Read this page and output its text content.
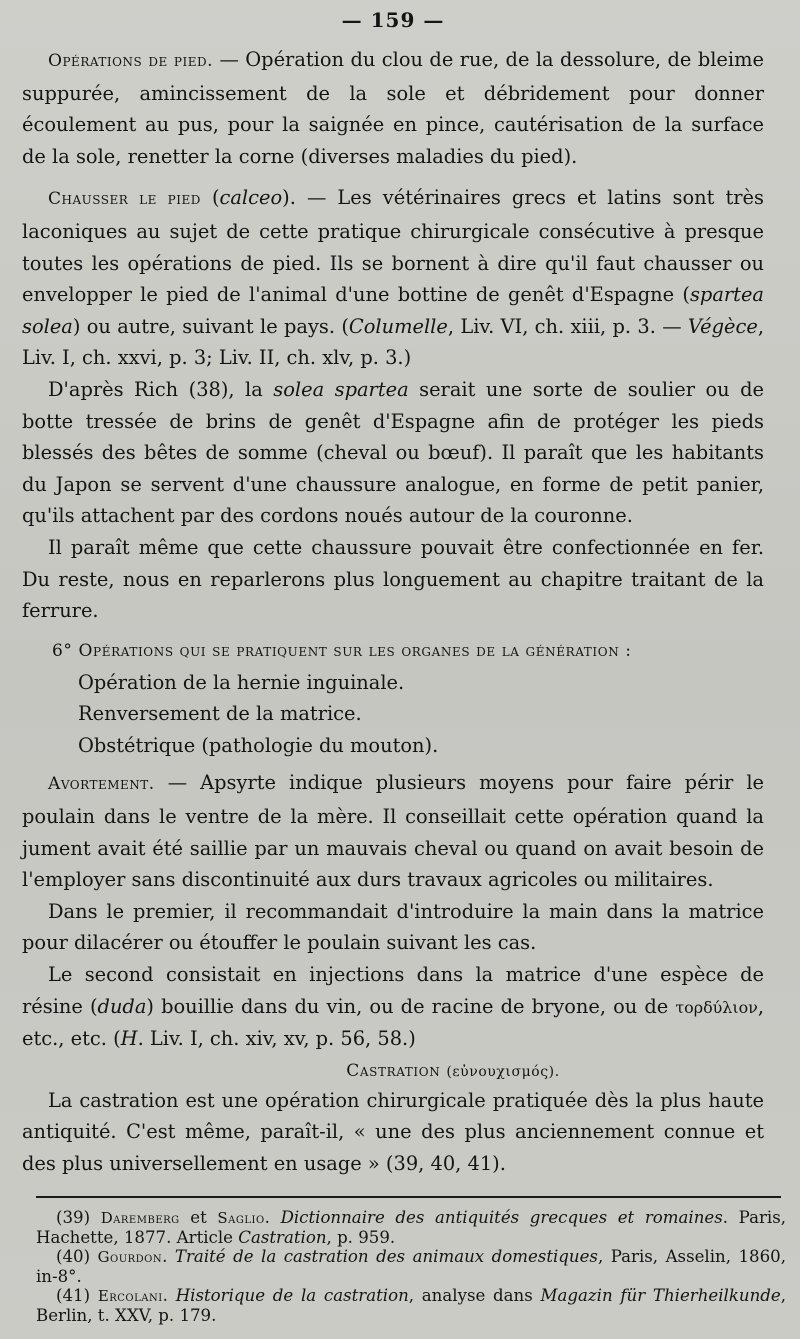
— 159 —

Opérations de pied. — Opération du clou de rue, de la dessolure, de bleime suppurée, amincissement de la sole et débridement pour donner écoulement au pus, pour la saignée en pince, cautérisation de la surface de la sole, renetter la corne (diverses maladies du pied).

Chausser le pied (calceo). — Les vétérinaires grecs et latins sont très laconiques au sujet de cette pratique chirurgicale consécutive à presque toutes les opérations de pied. Ils se bornent à dire qu'il faut chausser ou envelopper le pied de l'animal d'une bottine de genêt d'Espagne (spartea solea) ou autre, suivant le pays. (Columelle, Liv. VI, ch. xiii, p. 3. — Végèce, Liv. I, ch. xxvi, p. 3; Liv. II, ch. xlv, p. 3.)

D'après Rich (38), la solea spartea serait une sorte de soulier ou de botte tressée de brins de genêt d'Espagne afin de protéger les pieds blessés des bêtes de somme (cheval ou bœuf). Il paraît que les habitants du Japon se servent d'une chaussure analogue, en forme de petit panier, qu'ils attachent par des cordons noués autour de la couronne.

Il paraît même que cette chaussure pouvait être confectionnée en fer. Du reste, nous en reparlerons plus longuement au chapitre traitant de la ferrure.

6° Opérations qui se pratiquent sur les organes de la génération :
Opération de la hernie inguinale.
Renversement de la matrice.
Obstétrique (pathologie du mouton).

Avortement. — Apsyrte indique plusieurs moyens pour faire périr le poulain dans le ventre de la mère. Il conseillait cette opération quand la jument avait été saillie par un mauvais cheval ou quand on avait besoin de l'employer sans discontinuité aux durs travaux agricoles ou militaires.

Dans le premier, il recommandait d'introduire la main dans la matrice pour dilacérer ou étouffer le poulain suivant les cas.

Le second consistait en injections dans la matrice d'une espèce de résine (duda) bouillie dans du vin, ou de racine de bryone, ou de τορδύλιον, etc., etc. (H. Liv. I, ch. xiv, xv, p. 56, 58.)

Castration (εὐνουχισμός).

La castration est une opération chirurgicale pratiquée dès la plus haute antiquité. C'est même, paraît-il, « une des plus anciennement connue et des plus universellement en usage » (39, 40, 41).

(39) Daremberg et Saglio. Dictionnaire des antiquités grecques et romaines. Paris, Hachette, 1877. Article Castration, p. 959.

(40) Gourdon. Traité de la castration des animaux domestiques, Paris, Asselin, 1860, in-8°.

(41) Ercolani. Historique de la castration, analyse dans Magazin für Thierheilkunde, Berlin, t. XXV, p. 179.
